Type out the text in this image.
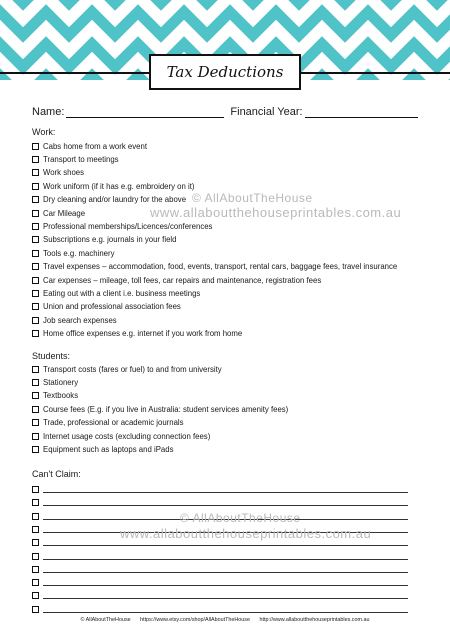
Tax Deductions
Name:	Financial Year:
Work:
Cabs home from a work event
Transport to meetings
Work shoes
Work uniform (if it has e.g. embroidery on it)
Dry cleaning and/or laundry for the above
Car Mileage
Professional memberships/Licences/conferences
Subscriptions e.g. journals in your field
Tools e.g. machinery
Travel expenses – accommodation, food, events, transport, rental cars, baggage fees, travel insurance
Car expenses – mileage, toll fees, car repairs and maintenance, registration fees
Eating out with a client i.e. business meetings
Union and professional association fees
Job search expenses
Home office expenses e.g. internet if you work from home
Students:
Transport costs (fares or fuel) to and from university
Stationery
Textbooks
Course fees (E.g. if you live in Australia: student services amenity fees)
Trade, professional or academic journals
Internet usage costs (excluding connection fees)
Equipment such as laptops and iPads
Can't Claim:
© AllAboutTheHouse
www.allaboutthehouseprintables.com.au
© AllAboutTheHouse
www.allaboutthehouseprintables.com.au
© AllAboutTheHouse https://www.etsy.com/shop/AllAboutTheHouse http://www.allaboutthehouseprintables.com.au
